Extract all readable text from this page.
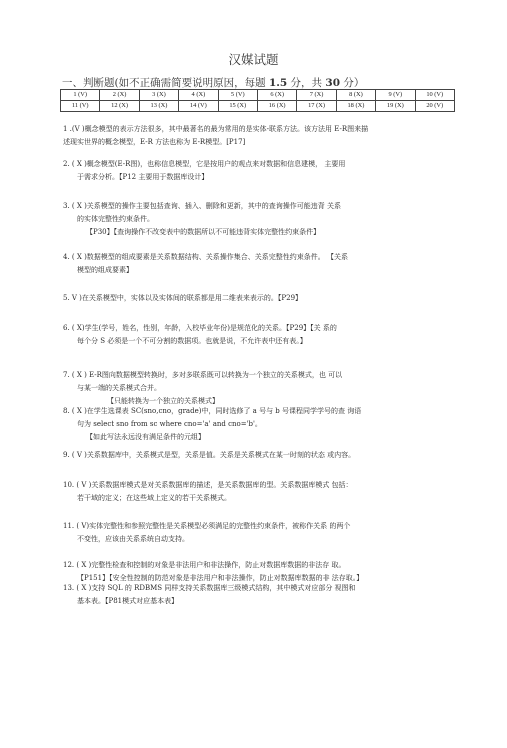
汉媒试题
一、判断题(如不正确需简要说明原因，每题 1.5 分，共 30 分）
1 (V)	2 (X)	3 (X)	4 (X)	5 (V)	6 (X)	7 (X)	8 (X)	9 (V)	10 (V)
11 (V)	12 (X)	13 (X)	14 (V)	15 (X)	16 (X)	17 (X)	18 (X)	19 (X)	20 (V)
1 .(V )概念模型的表示方法很多，其中最著名的最为常用的是实体-联系方法。该方法用 E-R图来描
述现实世界的概念模型，E-R 方法也称为 E-R模型。[P17]
2. ( X )概念模型(E-R图)，也称信息模型，它是按用户的观点来对数据和信息建模， 主要用
于需求分析。【P12 主要用于数据库设计】
3. ( X )关系模型的操作主要包括查询、插入、删除和更新，其中的查询操作可能违背 关系
的实体完整性约束条件。
【P30】【查询操作不改变表中的数据所以不可能违背实体完整性约束条件】
4. ( X )数据模型的组成要素是关系数据结构、关系操作集合、关系完整性约束条件。 【关系
模型的组成要素】
5. V )在关系模型中，实体以及实体间的联系都是用二维表来表示的。【P29】
6. ( X)学生(学号，姓名，性别，年龄，入校毕业年份)是规范化的关系。【P29】【关 系的
每个分 S 必须是一个不可分割的数据项。也就是说，不允许表中还有表。】
7. ( X ) E-R图向数据模型转换时，多对多联系既可以转换为一个独立的关系模式，也 可以
与某一端的关系模式合并。
【只能转换为一个独立的关系模式】
8. ( X )在学生选课表 SC(sno,cno，grade)中，同时选修了 a 号与 b 号课程同学学号的查 询语
句为 select sno from sc where cno='a' and cno='b'。
【如此写法永远没有满足条件的元组】
9. ( V )关系数据库中，关系模式是型，关系是值。关系是关系模式在某一时刻的状态 或内容。
10. ( V )关系数据库模式是对关系数据库的描述，是关系数据库的型。关系数据库模式 包括：
若干域的定义；在这些域上定义的若干关系模式。
11. ( V)实体完整性和参照完整性是关系模型必须满足的完整性约束条件，被称作关系 的两个
不变性，应该由关系系统自动支持。
12. ( X )完整性检查和控制的对象是非法用户和非法操作，防止对数据库数据的非法存 取。
【P151】【安全性控制的防范对象是非法用户和非法操作，防止对数据库数据的非 法存取。】
13. ( X )支持 SQL 的 RDBMS 同样支持关系数据库三级模式结构，其中模式对应部分 视图和
基本表。【P81模式对应基本表】
